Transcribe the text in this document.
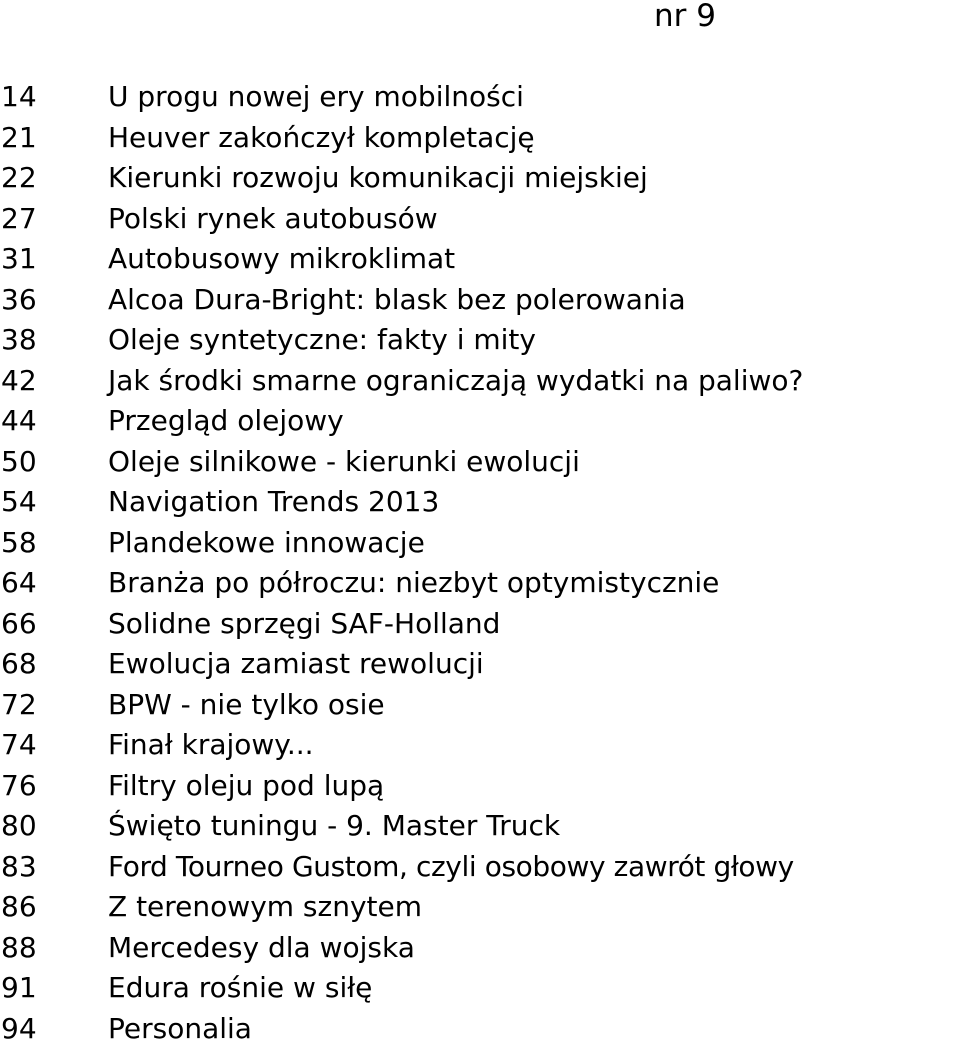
nr 9
14	U progu nowej ery mobilności
21	Heuver zakończył kompletację
22	Kierunki rozwoju komunikacji miejskiej
27	Polski rynek autobusów
31	Autobusowy mikroklimat
36	Alcoa Dura-Bright: blask bez polerowania
38	Oleje syntetyczne: fakty i mity
42	Jak środki smarne ograniczają wydatki na paliwo?
44	Przegląd olejowy
50	Oleje silnikowe - kierunki ewolucji
54	Navigation Trends 2013
58	Plandekowe innowacje
64	Branża po półroczu: niezbyt optymistycznie
66	Solidne sprzęgi SAF-Holland
68	Ewolucja zamiast rewolucji
72	BPW - nie tylko osie
74	Finał krajowy...
76	Filtry oleju pod lupą
80	Święto tuningu - 9. Master Truck
83	Ford Tourneo Gustom, czyli osobowy zawrót głowy
86	Z terenowym sznytem
88	Mercedesy dla wojska
91	Edura rośnie w siłę
94	Personalia
